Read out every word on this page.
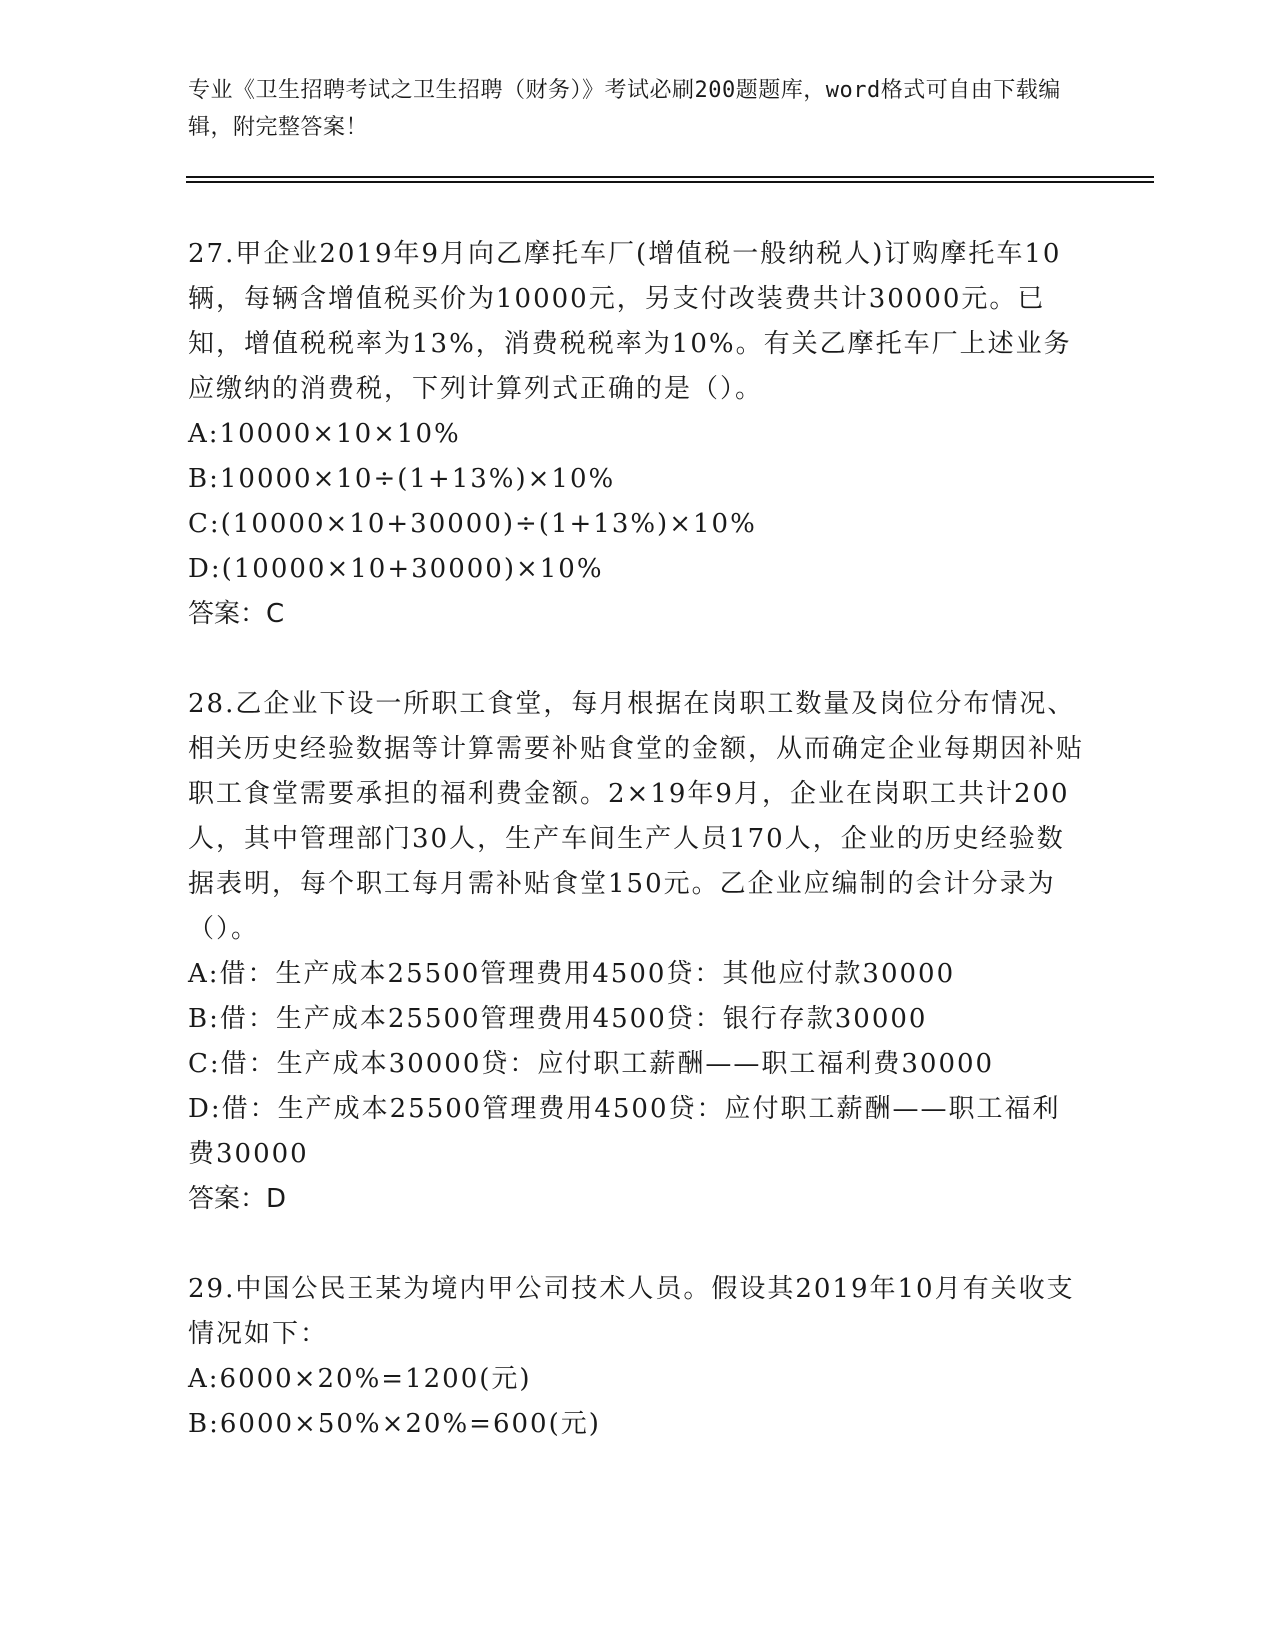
专业《卫生招聘考试之卫生招聘（财务）》考试必刷200题题库，word格式可自由下载编辑，附完整答案！

27.甲企业2019年9月向乙摩托车厂(增值税一般纳税人)订购摩托车10辆，每辆含增值税买价为10000元，另支付改装费共计30000元。已知，增值税税率为13%，消费税税率为10%。有关乙摩托车厂上述业务应缴纳的消费税，下列计算列式正确的是（）。

A:10000×10×10%

B:10000×10÷(1+13%)×10%

C:(10000×10+30000)÷(1+13%)×10%

D:(10000×10+30000)×10%

答案：C

28.乙企业下设一所职工食堂，每月根据在岗职工数量及岗位分布情况、相关历史经验数据等计算需要补贴食堂的金额，从而确定企业每期因补贴职工食堂需要承担的福利费金额。2×19年9月，企业在岗职工共计200人，其中管理部门30人，生产车间生产人员170人，企业的历史经验数据表明，每个职工每月需补贴食堂150元。乙企业应编制的会计分录为（）。

A:借：生产成本25500管理费用4500贷：其他应付款30000

B:借：生产成本25500管理费用4500贷：银行存款30000

C:借：生产成本30000贷：应付职工薪酬——职工福利费30000

D:借：生产成本25500管理费用4500贷：应付职工薪酬——职工福利费30000

答案：D

29.中国公民王某为境内甲公司技术人员。假设其2019年10月有关收支情况如下：

A:6000×20%=1200(元)

B:6000×50%×20%=600(元)
